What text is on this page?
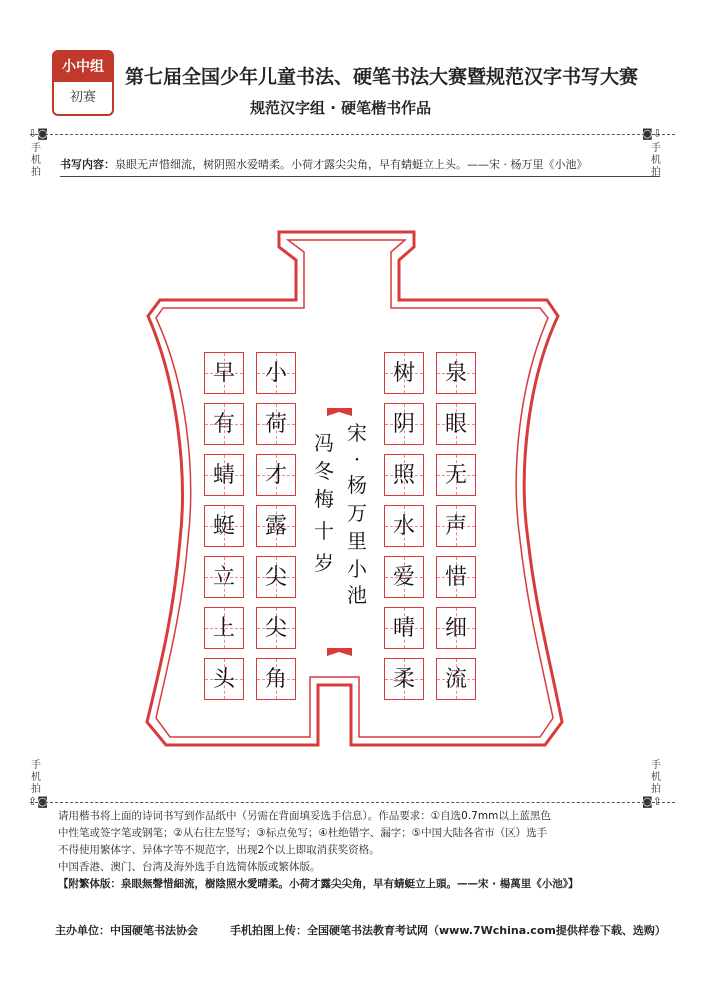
小中组
初赛
第七届全国少年儿童书法、硬笔书法大赛暨规范汉字书写大赛
规范汉字组 · 硬笔楷书作品
⇩◙	◙⇩
手
机
拍
手
机
拍
书写内容：泉眼无声惜细流，树阴照水爱晴柔。小荷才露尖尖角，早有蜻蜓立上头。——宋 · 杨万里《小池》
泉
眼
无
声
惜
细
流
树
阴
照
水
爱
晴
柔
小
荷
才
露
尖
尖
角
早
有
蜻
蜓
立
上
头
宋
·
杨
万
里
小
池
冯
冬
梅
十
岁
手
机
拍
手
机
拍
⇧◙	◙⇧

请用楷书将上面的诗词书写到作品纸中（另需在背面填妥选手信息）。作品要求：①自选0.7mm以上蓝黑色

中性笔或签字笔或钢笔；②从右往左竖写；③标点免写；④杜绝错字、漏字；⑤中国大陆各省市（区）选手

不得使用繁体字、异体字等不规范字，出现2个以上即取消获奖资格。

中国香港、澳门、台湾及海外选手自选简体版或繁体版。

【附繁体版：泉眼無聲惜細流，樹陰照水愛晴柔。小荷才露尖尖角，早有蜻蜓立上頭。——宋 · 楊萬里《小池》】

主办单位：中国硬笔书法协会	手机拍图上传：全国硬笔书法教育考试网（www.7Wchina.com提供样卷下载、选购）
